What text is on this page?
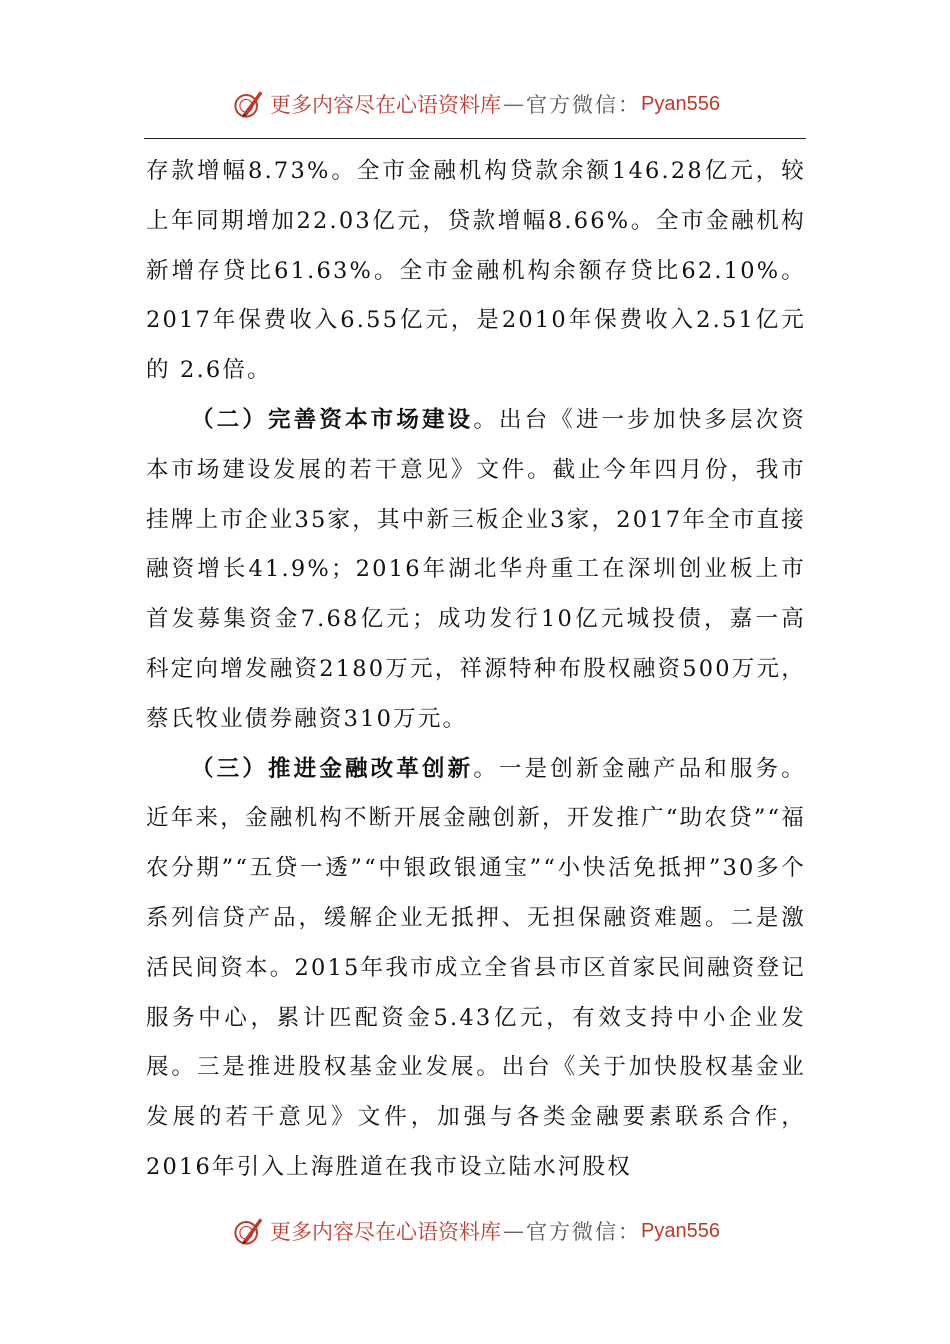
更多内容尽在心语资料库 — 官方微信： Pyan556

存款增幅8.73%。全市金融机构贷款余额146.28亿元，较上年同期增加22.03亿元，贷款增幅8.66%。全市金融机构新增存贷比61.63%。全市金融机构余额存贷比62.10%。2017年保费收入6.55亿元，是2010年保费收入2.51亿元的 2.6倍。

（二）完善资本市场建设。出台《进一步加快多层次资本市场建设发展的若干意见》文件。截止今年四月份，我市挂牌上市企业35家，其中新三板企业3家，2017年全市直接融资增长41.9%；2016年湖北华舟重工在深圳创业板上市首发募集资金7.68亿元；成功发行10亿元城投债，嘉一高科定向增发融资2180万元，祥源特种布股权融资500万元，蔡氏牧业债券融资310万元。

（三）推进金融改革创新。一是创新金融产品和服务。近年来，金融机构不断开展金融创新，开发推广“助农贷”“福农分期”“五贷一透”“中银政银通宝”“小快活免抵押”30多个系列信贷产品，缓解企业无抵押、无担保融资难题。二是激活民间资本。2015年我市成立全省县市区首家民间融资登记服务中心，累计匹配资金5.43亿元，有效支持中小企业发展。三是推进股权基金业发展。出台《关于加快股权基金业发展的若干意见》文件，加强与各类金融要素联系合作，2016年引入上海胜道在我市设立陆水河股权

更多内容尽在心语资料库 — 官方微信： Pyan556
